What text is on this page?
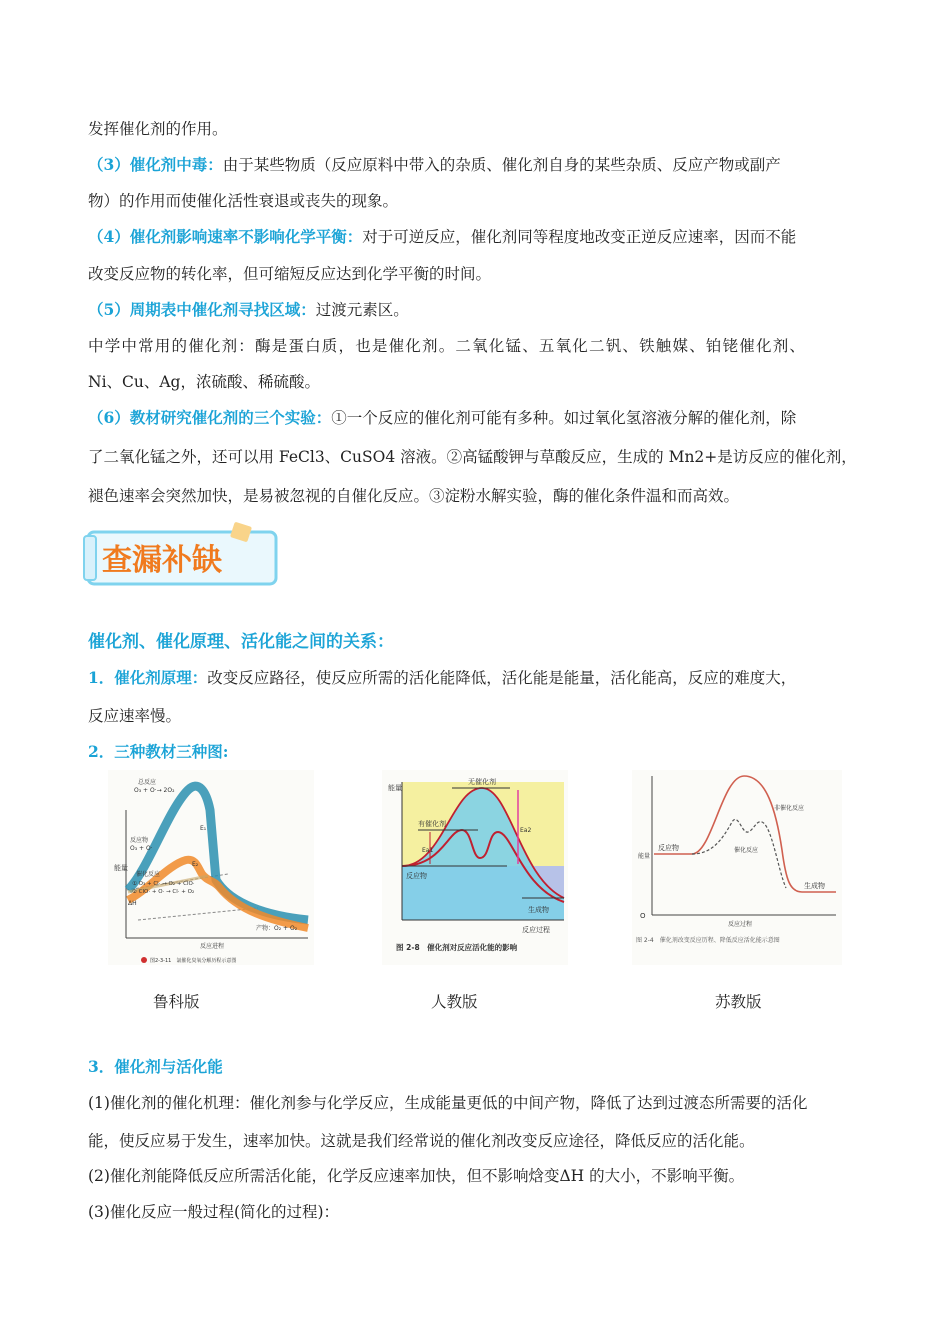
发挥催化剂的作用。
（3）催化剂中毒：由于某些物质（反应原料中带入的杂质、催化剂自身的某些杂质、反应产物或副产
物）的作用而使催化活性衰退或丧失的现象。
（4）催化剂影响速率不影响化学平衡：对于可逆反应，催化剂同等程度地改变正逆反应速率，因而不能
改变反应物的转化率，但可缩短反应达到化学平衡的时间。
（5）周期表中催化剂寻找区域：过渡元素区。
中学中常用的催化剂：酶是蛋白质，也是催化剂。二氧化锰、五氧化二钒、铁触媒、铂铑催化剂、
Ni、Cu、Ag，浓硫酸、稀硫酸。
（6）教材研究催化剂的三个实验：①一个反应的催化剂可能有多种。如过氧化氢溶液分解的催化剂，除
了二氧化锰之外，还可以用 FeCl3、CuSO4 溶液。②高锰酸钾与草酸反应，生成的 Mn2+是访反应的催化剂，
褪色速率会突然加快，是易被忽视的自催化反应。③淀粉水解实验，酶的催化条件温和而高效。
查漏补缺
催化剂、催化原理、活化能之间的关系：
1．催化剂原理：改变反应路径，使反应所需的活化能降低，活化能是能量，活化能高，反应的难度大，
反应速率慢。
2．三种教材三种图:
能量
总反应
O₃ + O·→ 2O₂
反应物
O₃ + O·
催化反应
① O₃ + Cl· → O₂ + ClO·
② ClO· + O· → Cl· + O₂
ΔH
E₁
E₂
产物：O₂ + O₂
反应进程
图2-3-11　氯催化臭氧分解历程示意图
能量
无催化剂
有催化剂
Ea1
Ea2
反应物
生成物
反应过程
图 2-8　催化剂对反应活化能的影响
能量
反应物
非催化反应
催化反应
生成物
O
反应过程
图 2-4　催化剂改变反应历程、降低反应活化能示意图
鲁科版	人教版	苏教版
3．催化剂与活化能
(1)催化剂的催化机理：催化剂参与化学反应，生成能量更低的中间产物，降低了达到过渡态所需要的活化
能，使反应易于发生，速率加快。这就是我们经常说的催化剂改变反应途径，降低反应的活化能。
(2)催化剂能降低反应所需活化能，化学反应速率加快，但不影响焓变ΔH 的大小，不影响平衡。
(3)催化反应一般过程(简化的过程)：
